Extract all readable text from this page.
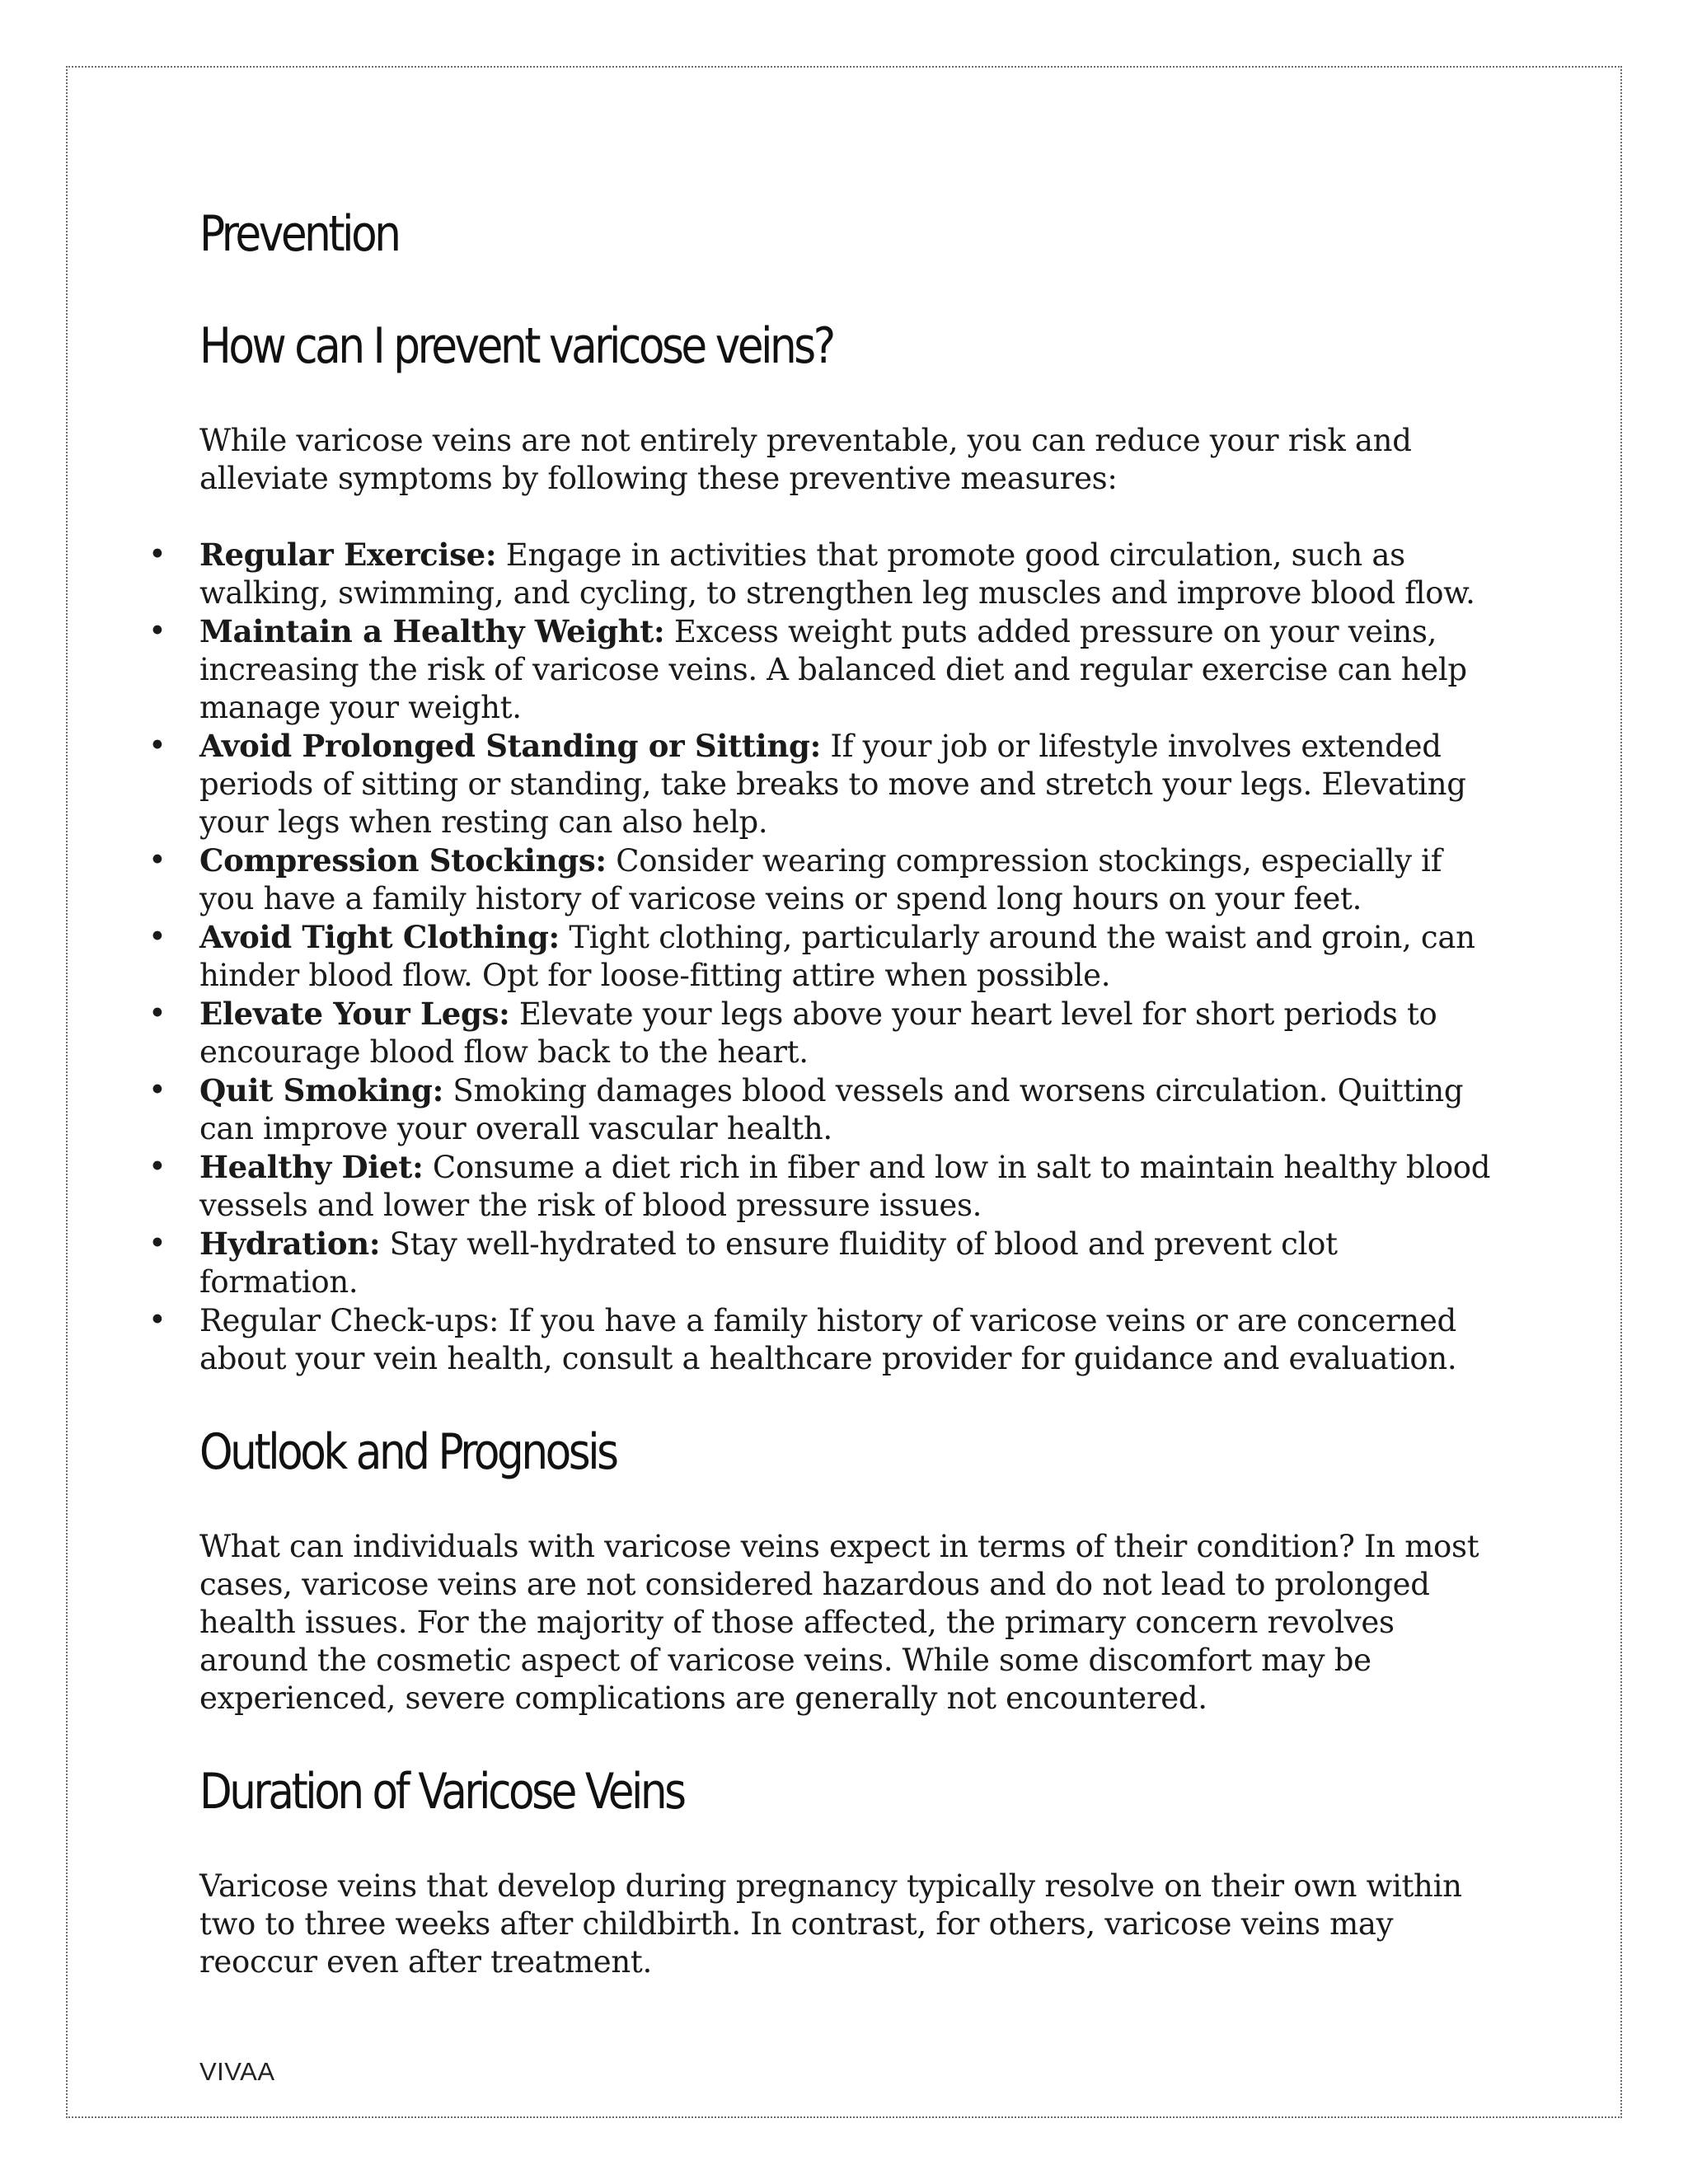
Prevention
How can I prevent varicose veins?

While varicose veins are not entirely preventable, you can reduce your risk and alleviate symptoms by following these preventive measures:

• Regular Exercise: Engage in activities that promote good circulation, such as walking, swimming, and cycling, to strengthen leg muscles and improve blood flow.
• Maintain a Healthy Weight: Excess weight puts added pressure on your veins, increasing the risk of varicose veins. A balanced diet and regular exercise can help manage your weight.
• Avoid Prolonged Standing or Sitting: If your job or lifestyle involves extended periods of sitting or standing, take breaks to move and stretch your legs. Elevating your legs when resting can also help.
• Compression Stockings: Consider wearing compression stockings, especially if you have a family history of varicose veins or spend long hours on your feet.
• Avoid Tight Clothing: Tight clothing, particularly around the waist and groin, can hinder blood flow. Opt for loose-fitting attire when possible.
• Elevate Your Legs: Elevate your legs above your heart level for short periods to encourage blood flow back to the heart.
• Quit Smoking: Smoking damages blood vessels and worsens circulation. Quitting can improve your overall vascular health.
• Healthy Diet: Consume a diet rich in fiber and low in salt to maintain healthy blood vessels and lower the risk of blood pressure issues.
• Hydration: Stay well-hydrated to ensure fluidity of blood and prevent clot formation.
• Regular Check-ups: If you have a family history of varicose veins or are concerned about your vein health, consult a healthcare provider for guidance and evaluation.
Outlook and Prognosis

What can individuals with varicose veins expect in terms of their condition? In most cases, varicose veins are not considered hazardous and do not lead to prolonged health issues. For the majority of those affected, the primary concern revolves around the cosmetic aspect of varicose veins. While some discomfort may be experienced, severe complications are generally not encountered.

Duration of Varicose Veins

Varicose veins that develop during pregnancy typically resolve on their own within two to three weeks after childbirth. In contrast, for others, varicose veins may reoccur even after treatment.

VIVAA
